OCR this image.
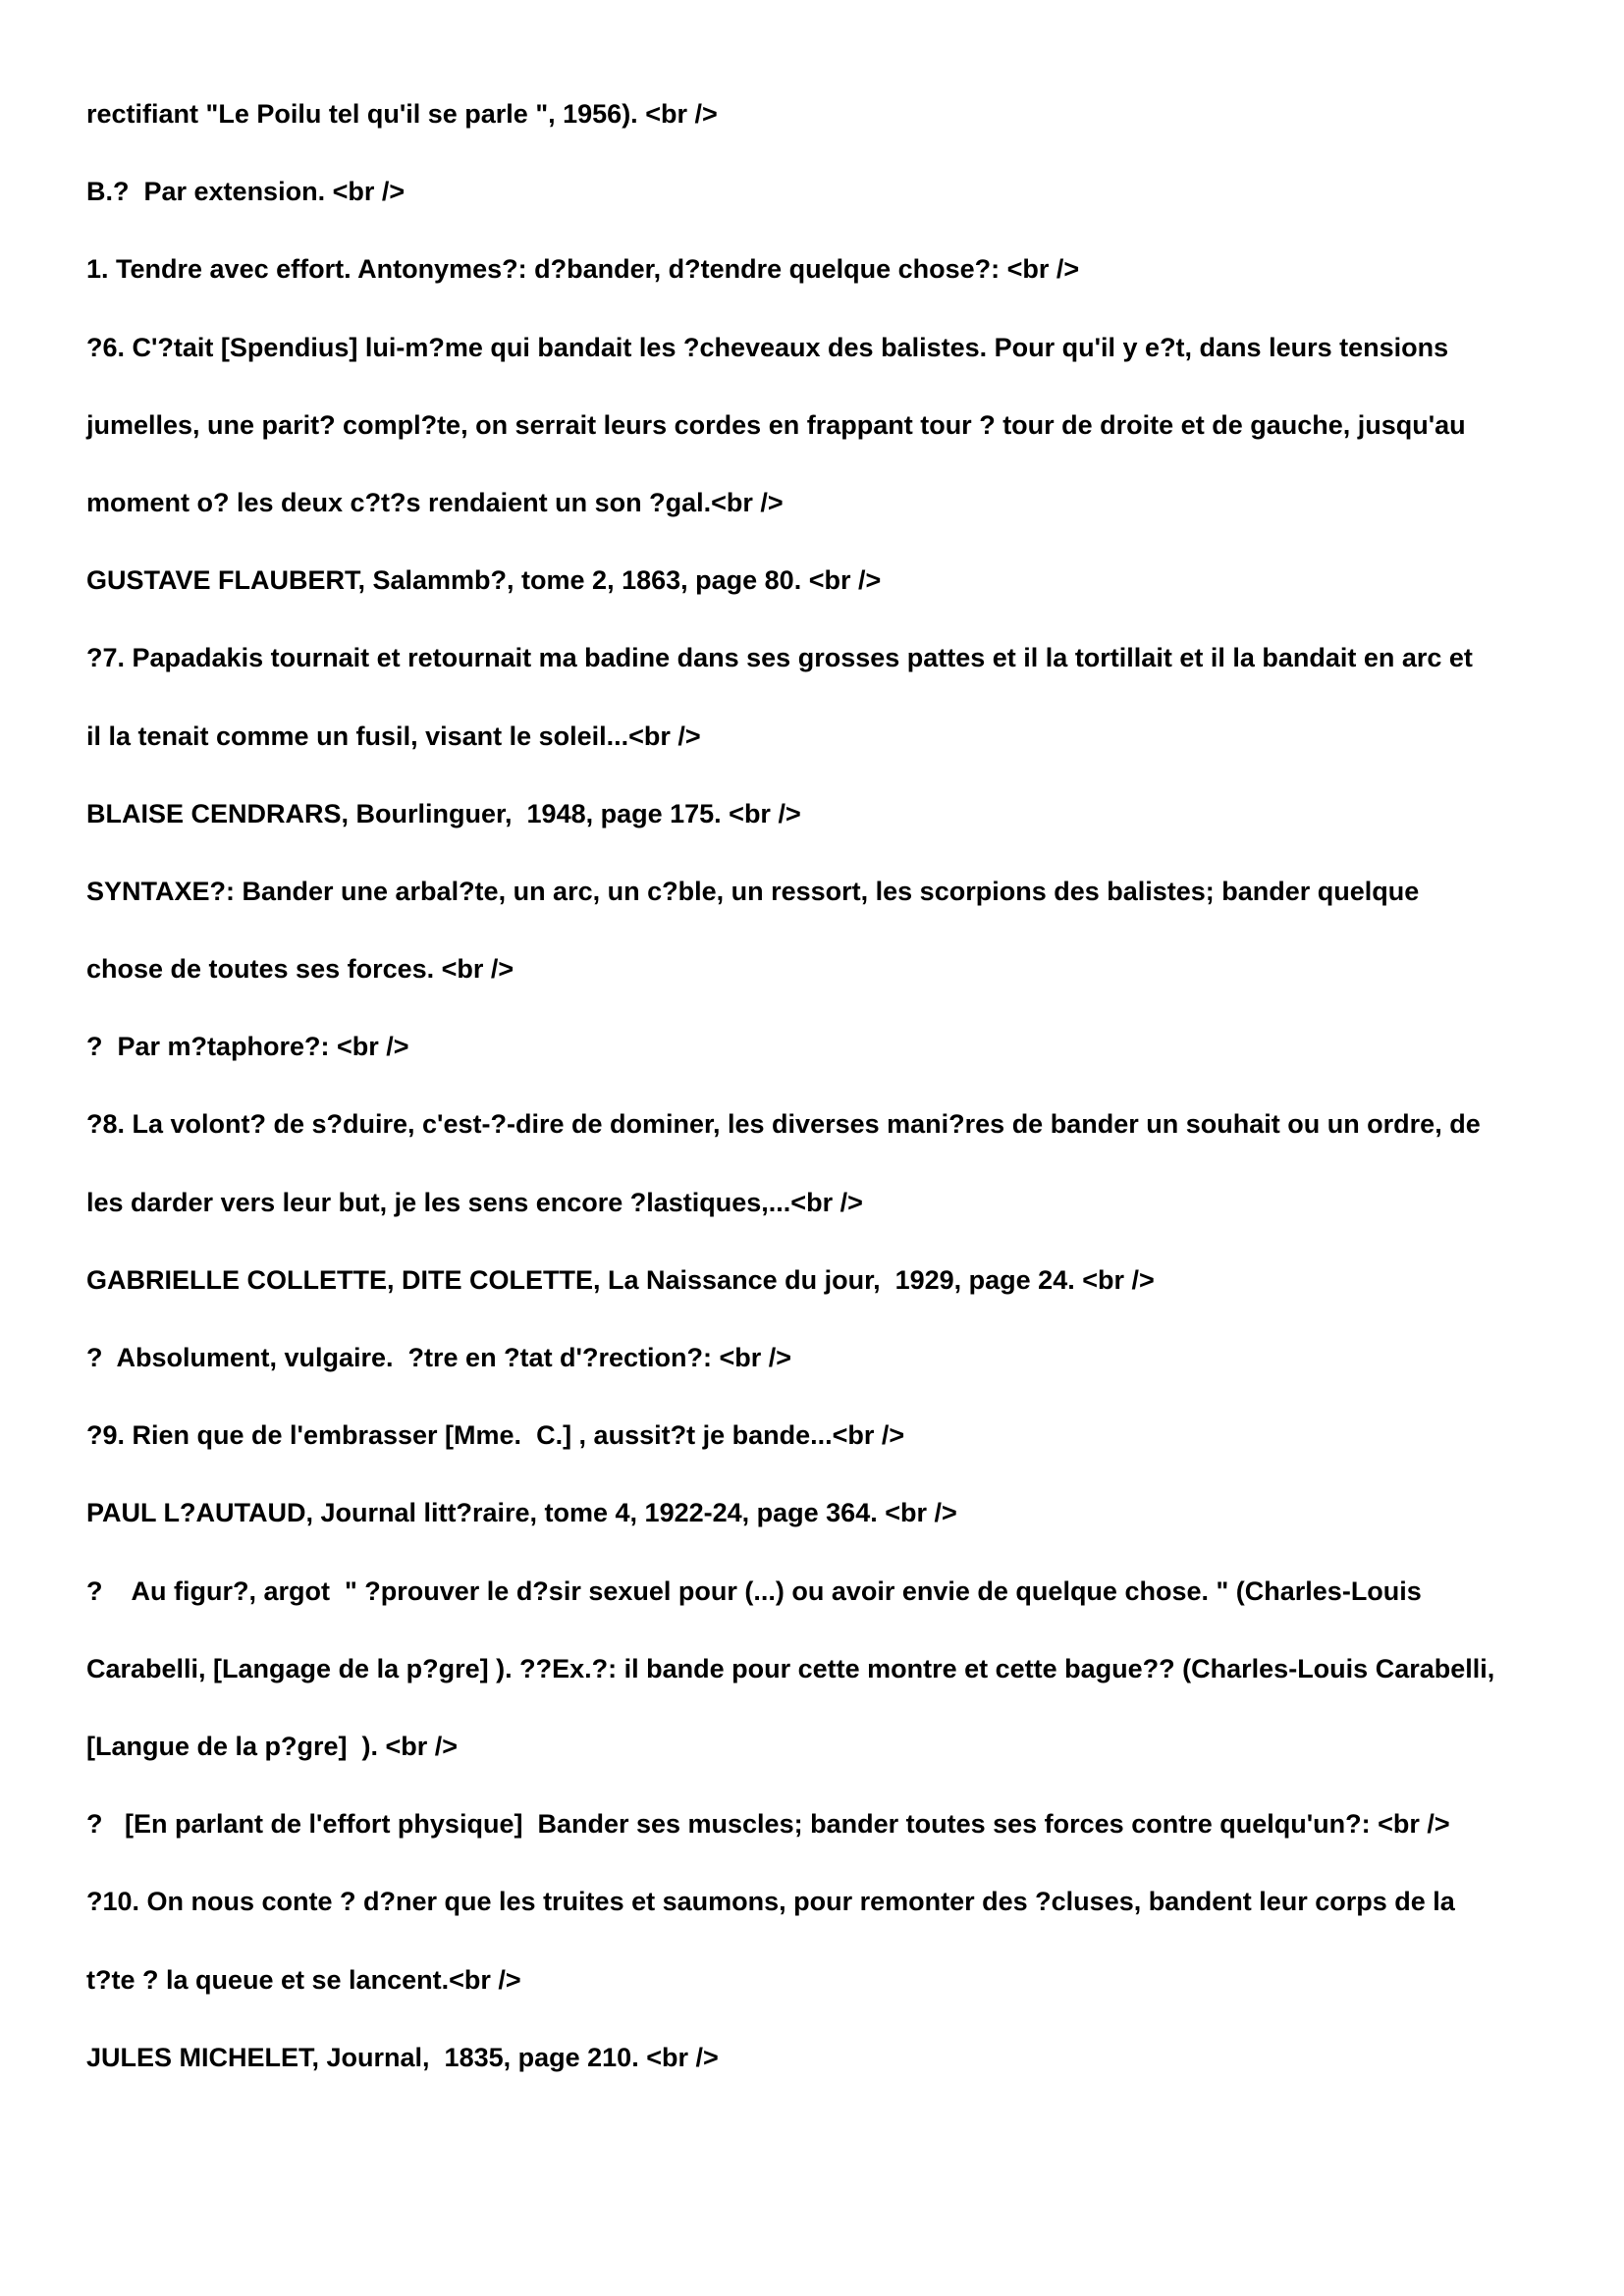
rectifiant "Le Poilu tel qu'il se parle ", 1956). <br />
B.?  Par extension. <br />
1. Tendre avec effort. Antonymes?: d?bander, d?tendre quelque chose?: <br />
?6. C'?tait [Spendius] lui-m?me qui bandait les ?cheveaux des balistes. Pour qu'il y e?t, dans leurs tensions
jumelles, une parit? compl?te, on serrait leurs cordes en frappant tour ? tour de droite et de gauche, jusqu'au
moment o? les deux c?t?s rendaient un son ?gal.<br />
GUSTAVE FLAUBERT, Salammb?, tome 2, 1863, page 80. <br />
?7. Papadakis tournait et retournait ma badine dans ses grosses pattes et il la tortillait et il la bandait en arc et
il la tenait comme un fusil, visant le soleil...<br />
BLAISE CENDRARS, Bourlinguer,  1948, page 175. <br />
SYNTAXE?: Bander une arbal?te, un arc, un c?ble, un ressort, les scorpions des balistes; bander quelque
chose de toutes ses forces. <br />
?  Par m?taphore?: <br />
?8. La volont? de s?duire, c'est-?-dire de dominer, les diverses mani?res de bander un souhait ou un ordre, de
les darder vers leur but, je les sens encore ?lastiques,...<br />
GABRIELLE COLLETTE, DITE COLETTE, La Naissance du jour,  1929, page 24. <br />
?  Absolument, vulgaire.  ?tre en ?tat d'?rection?: <br />
?9. Rien que de l'embrasser [Mme.  C.] , aussit?t je bande...<br />
PAUL L?AUTAUD, Journal litt?raire, tome 4, 1922-24, page 364. <br />
?    Au figur?, argot  " ?prouver le d?sir sexuel pour (...) ou avoir envie de quelque chose. " (Charles-Louis
Carabelli, [Langage de la p?gre] ). ??Ex.?: il bande pour cette montre et cette bague?? (Charles-Louis Carabelli,
[Langue de la p?gre]  ). <br />
?   [En parlant de l'effort physique]  Bander ses muscles; bander toutes ses forces contre quelqu'un?: <br />
?10. On nous conte ? d?ner que les truites et saumons, pour remonter des ?cluses, bandent leur corps de la
t?te ? la queue et se lancent.<br />
JULES MICHELET, Journal,  1835, page 210. <br />
